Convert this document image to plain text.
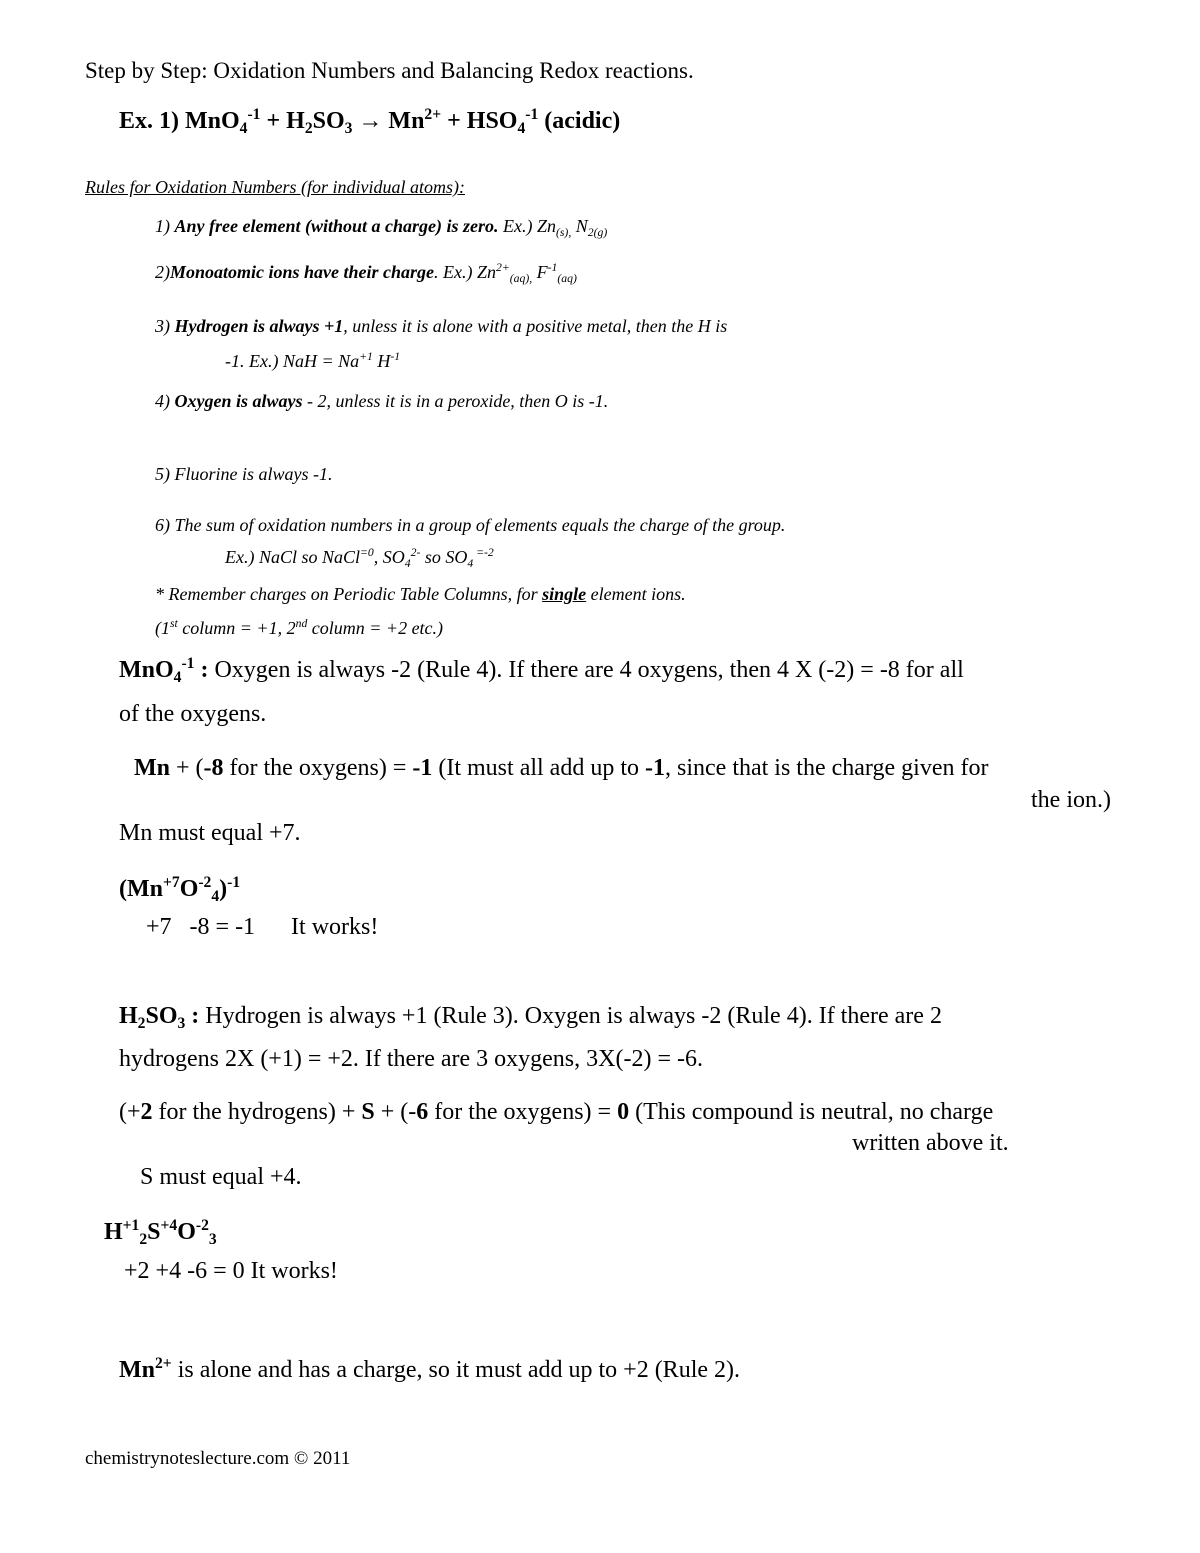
Step by Step: Oxidation Numbers and Balancing Redox reactions.
Ex. 1) $MnO_4^{-1} + H_2SO_3 \to Mn^{2+} + HSO_4^{-1}$ (acidic)
Rules for Oxidation Numbers (for individual atoms):
1) Any free element (without a charge) is zero. Ex.) $Zn_{(s),}$ $N_{2(g)}$
2)Monoatomic ions have their charge. Ex.) $Zn^{2+}_{(aq),}$ $F^{-1}_{(aq)}$
3) Hydrogen is always +1, unless it is alone with a positive metal, then the H is
-1. Ex.) NaH = $Na^{+1}$ $H^{-1}$
4) Oxygen is always - 2, unless it is in a peroxide, then O is -1.
5) Fluorine is always -1.
6) The sum of oxidation numbers in a group of elements equals the charge of the group.
Ex.) NaCl so NaCl$^{=0}$, $SO_4^{2-}$ so $SO_4$ $^{=-2}$
* Remember charges on Periodic Table Columns, for single element ions.
(1st column = +1, 2nd column = +2 etc.)
MnO$_4^{-1}$ : Oxygen is always -2 (Rule 4). If there are 4 oxygens, then 4 X (-2) = -8 for all
of the oxygens.
Mn + (-8 for the oxygens) = -1 (It must all add up to -1, since that is the charge given for
the ion.)
Mn must equal +7.
$(Mn^{+7}O^{-2}_4)^{-1}$
+7   -8 = -1      It works!
$H_2SO_3$ : Hydrogen is always +1 (Rule 3). Oxygen is always -2 (Rule 4). If there are 2
hydrogens 2X (+1) = +2. If there are 3 oxygens, 3X(-2) = -6.
(+2 for the hydrogens) + S + (-6 for the oxygens) = 0 (This compound is neutral, no charge
written above it.
S must equal +4.
$H^{+1}_2S^{+4}O^{-2}_3$
+2 +4 -6 = 0 It works!
$Mn^{2+}$ is alone and has a charge, so it must add up to +2 (Rule 2).
chemistrynoteslecture.com © 2011
